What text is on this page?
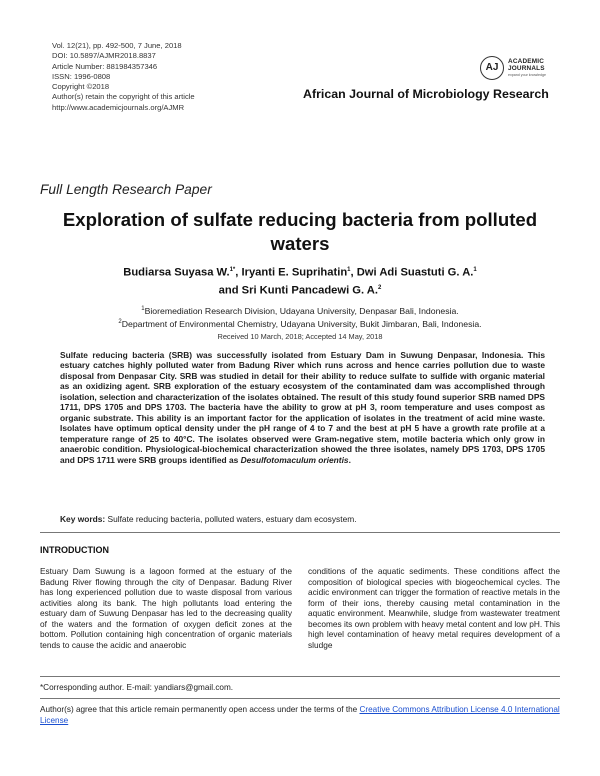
Vol. 12(21), pp. 492-500, 7 June, 2018
DOI: 10.5897/AJMR2018.8837
Article Number: 881984357346
ISSN: 1996-0808
Copyright ©2018
Author(s) retain the copyright of this article
http://www.academicjournals.org/AJMR
AJ
ACADEMIC
JOURNALS
expand your knowledge
African Journal of Microbiology Research
Full Length Research Paper
Exploration of sulfate reducing bacteria from polluted waters
Budiarsa Suyasa W.$^{1*}$, Iryanti E. Suprihatin$^1$, Dwi Adi Suastuti G. A.$^1$
and Sri Kunti Pancadewi G. A.$^2$
$^1$Bioremediation Research Division, Udayana University, Denpasar Bali, Indonesia.
$^2$Department of Environmental Chemistry, Udayana University, Bukit Jimbaran, Bali, Indonesia.
Received 10 March, 2018; Accepted 14 May, 2018
Sulfate reducing bacteria (SRB) was successfully isolated from Estuary Dam in Suwung Denpasar, Indonesia. This estuary catches highly polluted water from Badung River which runs across and hence carries pollution due to waste disposal from Denpasar City. SRB was studied in detail for their ability to reduce sulfate to sulfide with organic material as an oxidizing agent. SRB exploration of the estuary ecosystem of the contaminated dam was accomplished through isolation, selection and characterization of the isolates obtained. The result of this study found superior SRB named DPS 1711, DPS 1705 and DPS 1703. The bacteria have the ability to grow at pH 3, room temperature and uses compost as organic substrate. This ability is an important factor for the application of isolates in the treatment of acid mine waste. Isolates have optimum optical density under the pH range of 4 to 7 and the best at pH 5 have a growth rate profile at a temperature range of 25 to 40°C. The isolates observed were Gram-negative stem, motile bacteria which only grow in anaerobic condition. Physiological-biochemical characterization showed the three isolates, namely DPS 1703, DPS 1705 and DPS 1711 were SRB groups identified as Desulfotomaculum orientis.
Key words: Sulfate reducing bacteria, polluted waters, estuary dam ecosystem.
INTRODUCTION
Estuary Dam Suwung is a lagoon formed at the estuary of the Badung River flowing through the city of Denpasar. Badung River has long experienced pollution due to waste disposal from various activities along its bank. The high pollutants load entering the estuary dam of Suwung Denpasar has led to the decreasing quality of the waters and the formation of oxygen deficit zones at the bottom. Pollution containing high concentration of organic materials tends to cause the acidic and anaerobic
conditions of the aquatic sediments. These conditions affect the composition of biological species with biogeochemical cycles. The acidic environment can trigger the formation of reactive metals in the form of their ions, thereby causing metal contamination in the aquatic environment. Meanwhile, sludge from wastewater treatment becomes its own problem with heavy metal content and low pH. This high level contamination of heavy metal requires development of a sludge
*Corresponding author. E-mail: yandiars@gmail.com.
Author(s) agree that this article remain permanently open access under the terms of the Creative Commons Attribution License 4.0 International License
